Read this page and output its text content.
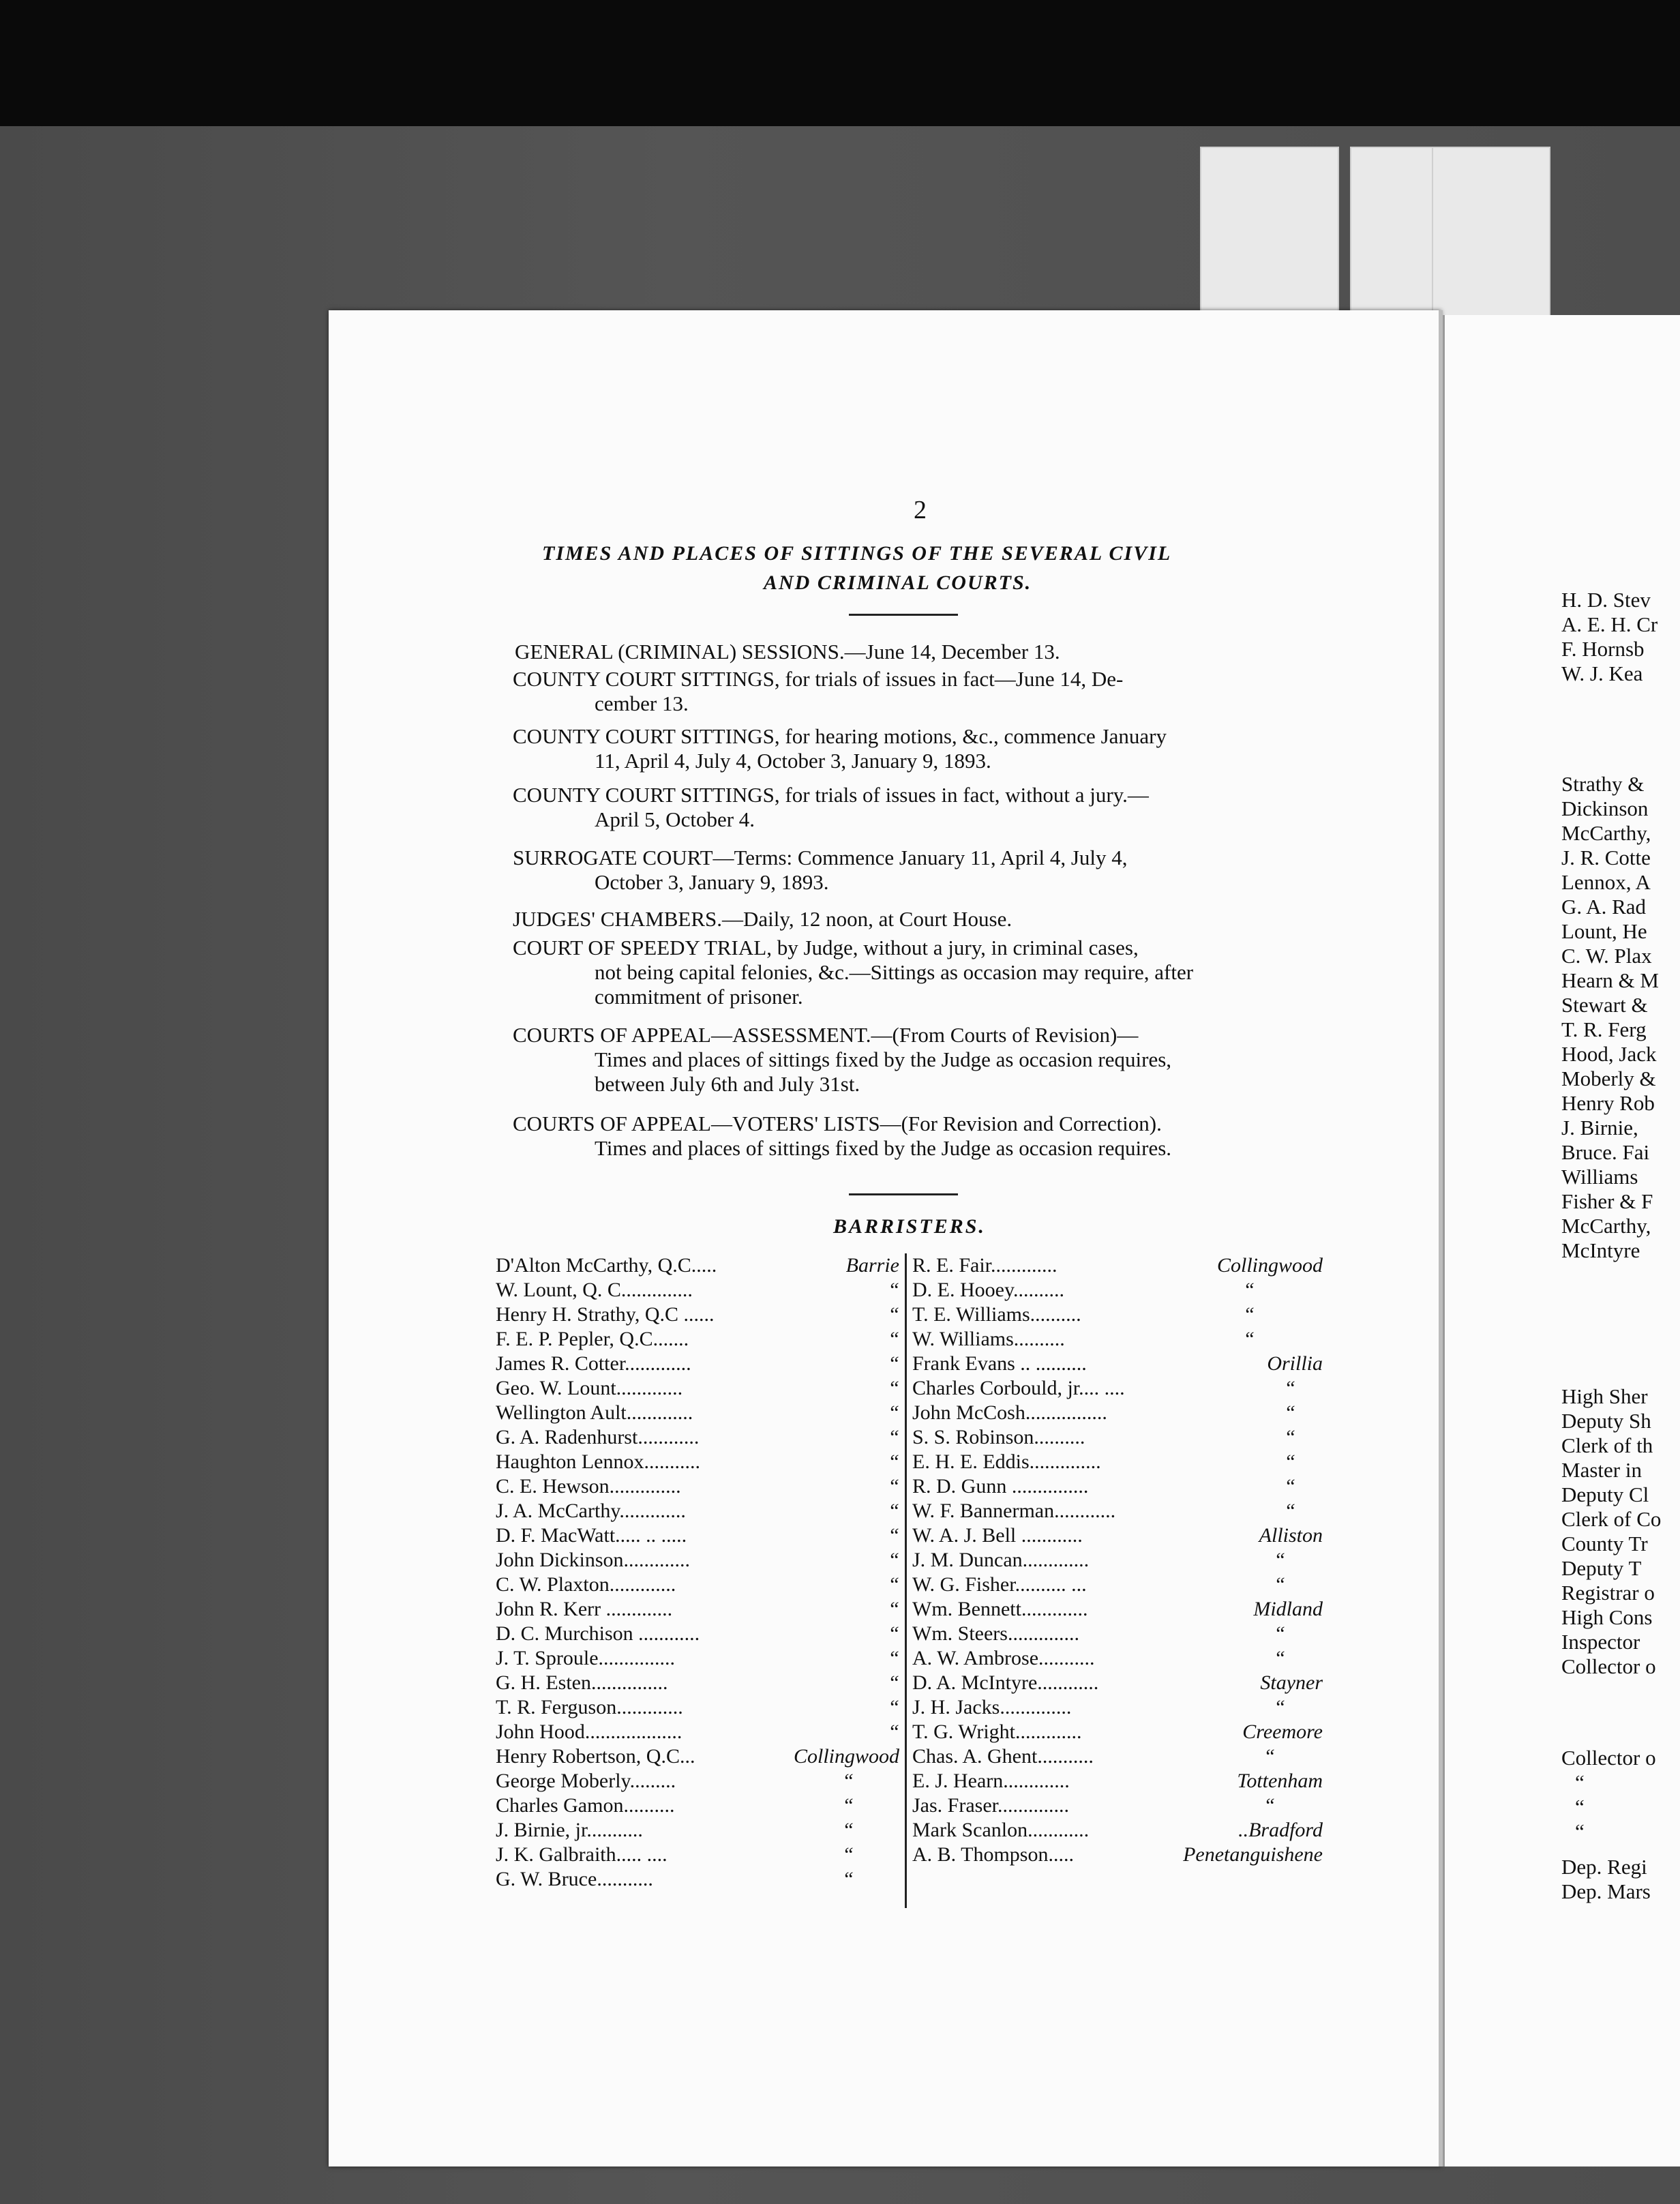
2
TIMES AND PLACES OF SITTINGS OF THE SEVERAL CIVIL
AND CRIMINAL COURTS.
GENERAL (CRIMINAL) SESSIONS.—June 14, December 13.
COUNTY COURT SITTINGS, for trials of issues in fact—June 14, De-
cember 13.
COUNTY COURT SITTINGS, for hearing motions, &c., commence January
11, April 4, July 4, October 3, January 9, 1893.
COUNTY COURT SITTINGS, for trials of issues in fact, without a jury.—
April 5, October 4.
SURROGATE COURT—Terms: Commence January 11, April 4, July 4,
October 3, January 9, 1893.
JUDGES' CHAMBERS.—Daily, 12 noon, at Court House.
COURT OF SPEEDY TRIAL, by Judge, without a jury, in criminal cases,
not being capital felonies, &c.—Sittings as occasion may require, after
commitment of prisoner.
COURTS OF APPEAL—ASSESSMENT.—(From Courts of Revision)—
Times and places of sittings fixed by the Judge as occasion requires,
between July 6th and July 31st.
COURTS OF APPEAL—VOTERS' LISTS—(For Revision and Correction).
Times and places of sittings fixed by the Judge as occasion requires.
BARRISTERS.
D'Alton McCarthy, Q.C.....	Barrie
W. Lount, Q. C..............	“
Henry H. Strathy, Q.C ......	“
F. E. P. Pepler, Q.C.......	“
James R. Cotter.............	“
Geo. W. Lount.............	“
Wellington Ault.............	“
G. A. Radenhurst............	“
Haughton Lennox...........	“
C. E. Hewson..............	“
J. A. McCarthy.............	“
D. F. MacWatt..... .. .....	“
John Dickinson.............	“
C. W. Plaxton.............	“
John R. Kerr .............	“
D. C. Murchison ............	“
J. T. Sproule...............	“
G. H. Esten...............	“
T. R. Ferguson.............	“
John Hood...................	“
Henry Robertson, Q.C...	Collingwood
George Moberly.........	“
Charles Gamon..........	“
J. Birnie, jr...........	“
J. K. Galbraith..... ....	“
G. W. Bruce...........	“
R. E. Fair.............	Collingwood
D. E. Hooey..........	“
T. E. Williams..........	“
W. Williams..........	“
Frank Evans .. ..........	Orillia
Charles Corbould, jr.... ....	“
John McCosh................	“
S. S. Robinson..........	“
E. H. E. Eddis..............	“
R. D. Gunn ...............	“
W. F. Bannerman............	“
W. A. J. Bell ............	Alliston
J. M. Duncan.............	“
W. G. Fisher.......... ...	“
Wm. Bennett.............	Midland
Wm. Steers..............	“
A. W. Ambrose...........	“
D. A. McIntyre............	Stayner
J. H. Jacks..............	“
T. G. Wright.............	Creemore
Chas. A. Ghent...........	“
E. J. Hearn.............	Tottenham
Jas. Fraser..............	“
Mark Scanlon............	..Bradford
A. B. Thompson.....	Penetanguishene
H. D. Stev
A. E. H. Cr
F. Hornsb
W. J. Kea
Strathy &
Dickinson
McCarthy,
J. R. Cotte
Lennox, A
G. A. Rad
Lount, He
C. W. Plax
Hearn & M
Stewart &
T. R. Ferg
Hood, Jack
Moberly &
Henry Rob
J. Birnie,
Bruce. Fai
Williams
Fisher & F
McCarthy,
McIntyre
High Sher
Deputy Sh
Clerk of th
Master in
Deputy Cl
Clerk of Co
County Tr
Deputy T
Registrar o
High Cons
Inspector
Collector o
Collector o
“
“
“
Dep. Regi
Dep. Mars
